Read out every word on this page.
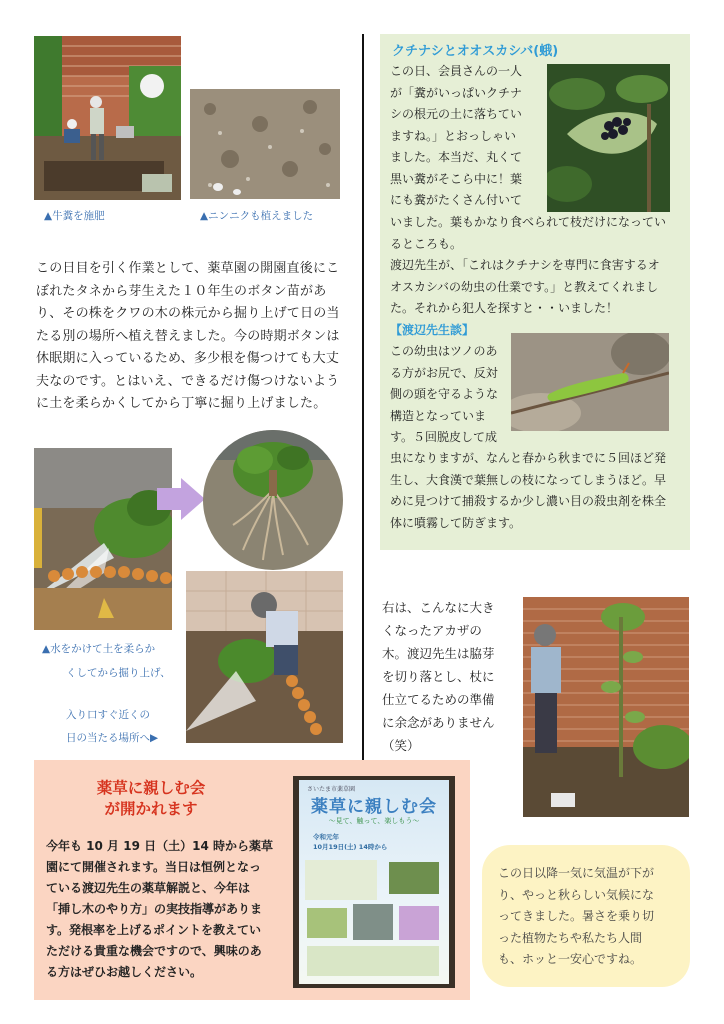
▲牛糞を施肥	▲ニンニクも植えました

この日目を引く作業として、薬草園の開園直後にこ

ぼれたタネから芽生えた１０年生のボタン苗があ

り、その株をクワの木の株元から掘り上げて日の当

たる別の場所へ植え替えました。今の時期ボタンは

休眠期に入っているため、多少根を傷つけても大丈

夫なのです。とはいえ、できるだけ傷つけないよう

に土を柔らかくしてから丁寧に掘り上げました。

▲水をかけて土を柔らか
くしてから掘り上げ、
入り口すぐ近くの
日の当たる場所へ▶
クチナシとオオスカシバ(蛾)
この日、会員さんの一人
が「糞がいっぱいクチナ
シの根元の土に落ちてい
ますね。」とおっしゃい
ました。本当だ、丸くて
黒い糞がそこら中に！葉
にも糞がたくさん付いて
いました。葉もかなり食べられて枝だけになってい
るところも。
渡辺先生が、「これはクチナシを専門に食害するオ
オスカシバの幼虫の仕業です。」と教えてくれまし
た。それから犯人を探すと・・いました！
【渡辺先生談】
この幼虫はツノのあ
る方がお尻で、反対
側の頭を守るような
構造となっていま
す。５回脱皮して成
虫になりますが、なんと春から秋までに５回ほど発
生し、大食漢で葉無しの枝になってしまうほど。早
めに見つけて捕殺するか少し濃い目の殺虫剤を株全
体に噴霧して防ぎます。
右は、こんなに大き
くなったアカザの
木。渡辺先生は脇芽
を切り落とし、杖に
仕立てるための準備
に余念がありません
（笑）
薬草に親しむ会
が開かれます
今年も 10 月 19 日（土）14 時から薬草
園にて開催されます。当日は恒例となっ
ている渡辺先生の薬草解説と、今年は
「挿し木のやり方」の実技指導がありま
す。発根率を上げるポイントを教えてい
ただける貴重な機会ですので、興味のあ
る方はぜひお越しください。
さいたま市薬草園
薬草に親しむ会
〜見て、触って、楽しもう〜
令和元年
10月19日(土) 14時から
この日以降一気に気温が下が
り、やっと秋らしい気候にな
ってきました。暑さを乗り切
った植物たちや私たち人間
も、ホッと一安心ですね。
